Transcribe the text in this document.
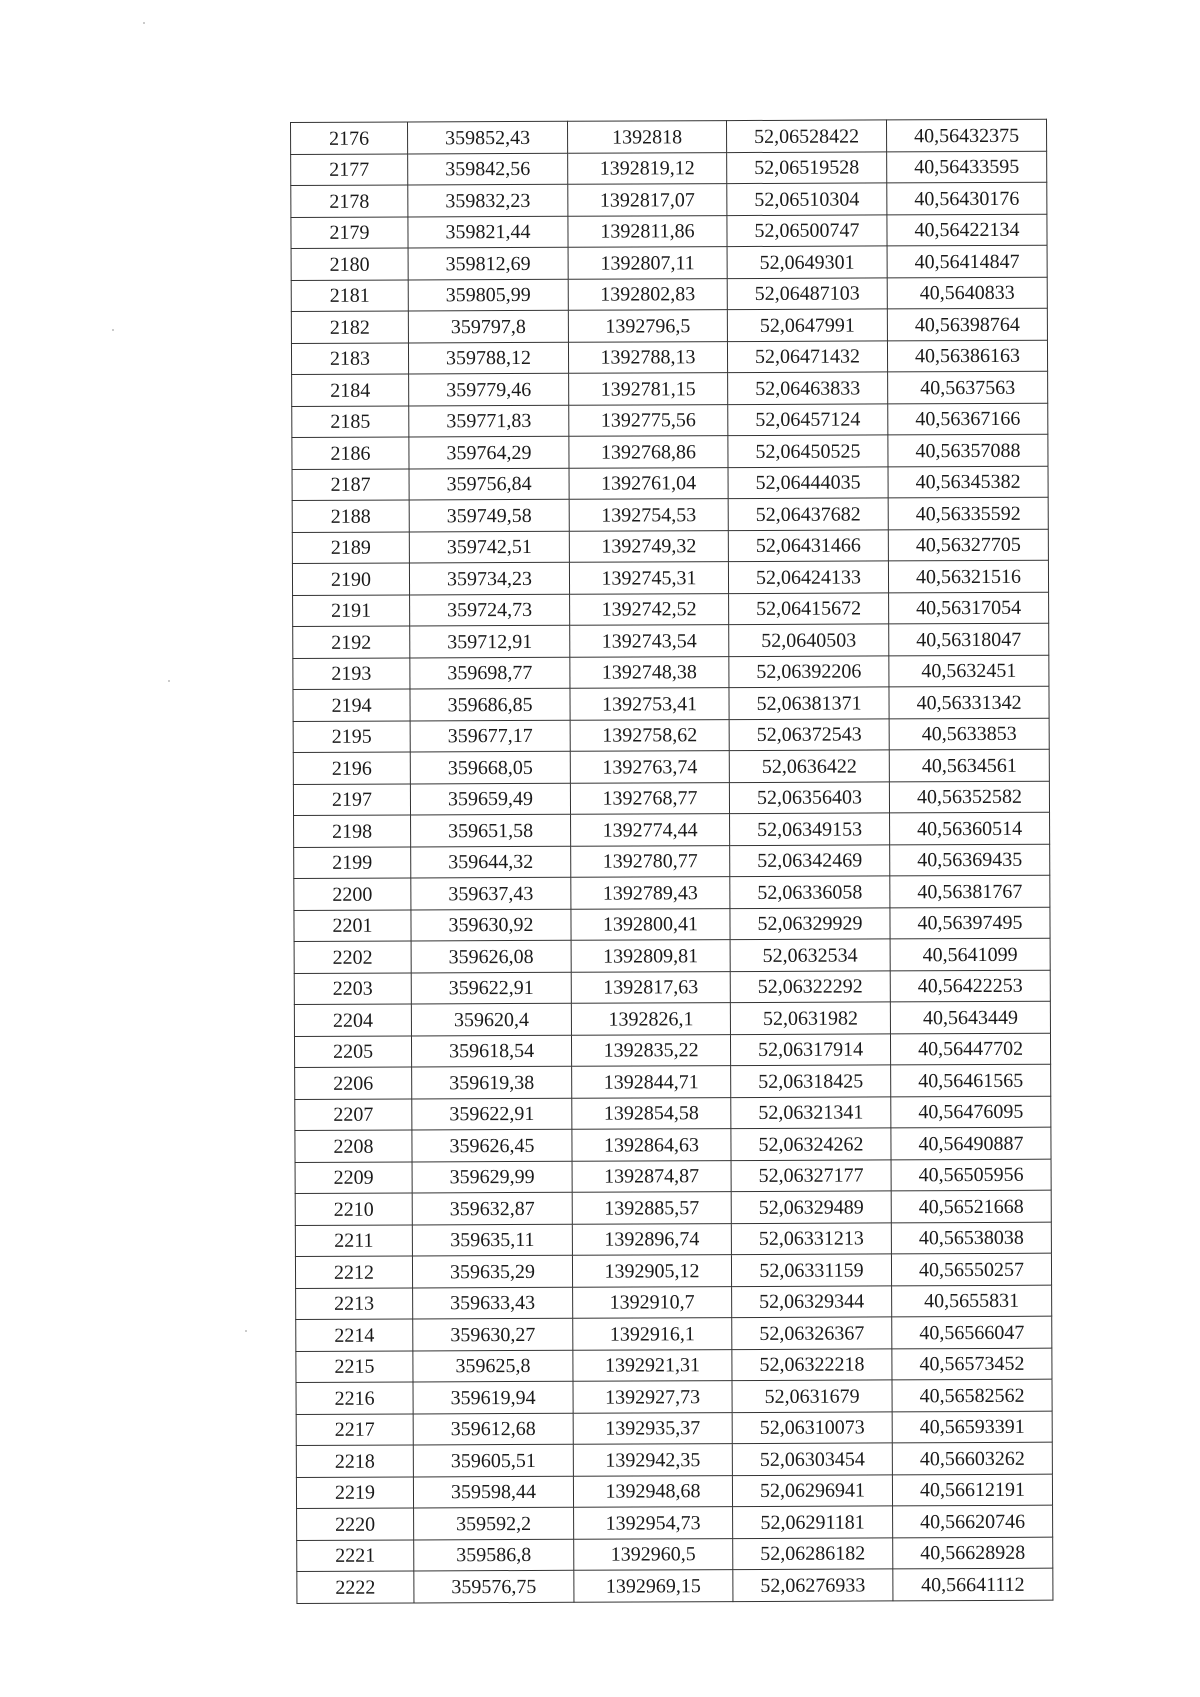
2176	359852,43	1392818	52,06528422	40,56432375
2177	359842,56	1392819,12	52,06519528	40,56433595
2178	359832,23	1392817,07	52,06510304	40,56430176
2179	359821,44	1392811,86	52,06500747	40,56422134
2180	359812,69	1392807,11	52,0649301	40,56414847
2181	359805,99	1392802,83	52,06487103	40,5640833
2182	359797,8	1392796,5	52,0647991	40,56398764
2183	359788,12	1392788,13	52,06471432	40,56386163
2184	359779,46	1392781,15	52,06463833	40,5637563
2185	359771,83	1392775,56	52,06457124	40,56367166
2186	359764,29	1392768,86	52,06450525	40,56357088
2187	359756,84	1392761,04	52,06444035	40,56345382
2188	359749,58	1392754,53	52,06437682	40,56335592
2189	359742,51	1392749,32	52,06431466	40,56327705
2190	359734,23	1392745,31	52,06424133	40,56321516
2191	359724,73	1392742,52	52,06415672	40,56317054
2192	359712,91	1392743,54	52,0640503	40,56318047
2193	359698,77	1392748,38	52,06392206	40,5632451
2194	359686,85	1392753,41	52,06381371	40,56331342
2195	359677,17	1392758,62	52,06372543	40,5633853
2196	359668,05	1392763,74	52,0636422	40,5634561
2197	359659,49	1392768,77	52,06356403	40,56352582
2198	359651,58	1392774,44	52,06349153	40,56360514
2199	359644,32	1392780,77	52,06342469	40,56369435
2200	359637,43	1392789,43	52,06336058	40,56381767
2201	359630,92	1392800,41	52,06329929	40,56397495
2202	359626,08	1392809,81	52,0632534	40,5641099
2203	359622,91	1392817,63	52,06322292	40,56422253
2204	359620,4	1392826,1	52,0631982	40,5643449
2205	359618,54	1392835,22	52,06317914	40,56447702
2206	359619,38	1392844,71	52,06318425	40,56461565
2207	359622,91	1392854,58	52,06321341	40,56476095
2208	359626,45	1392864,63	52,06324262	40,56490887
2209	359629,99	1392874,87	52,06327177	40,56505956
2210	359632,87	1392885,57	52,06329489	40,56521668
2211	359635,11	1392896,74	52,06331213	40,56538038
2212	359635,29	1392905,12	52,06331159	40,56550257
2213	359633,43	1392910,7	52,06329344	40,5655831
2214	359630,27	1392916,1	52,06326367	40,56566047
2215	359625,8	1392921,31	52,06322218	40,56573452
2216	359619,94	1392927,73	52,0631679	40,56582562
2217	359612,68	1392935,37	52,06310073	40,56593391
2218	359605,51	1392942,35	52,06303454	40,56603262
2219	359598,44	1392948,68	52,06296941	40,56612191
2220	359592,2	1392954,73	52,06291181	40,56620746
2221	359586,8	1392960,5	52,06286182	40,56628928
2222	359576,75	1392969,15	52,06276933	40,56641112
